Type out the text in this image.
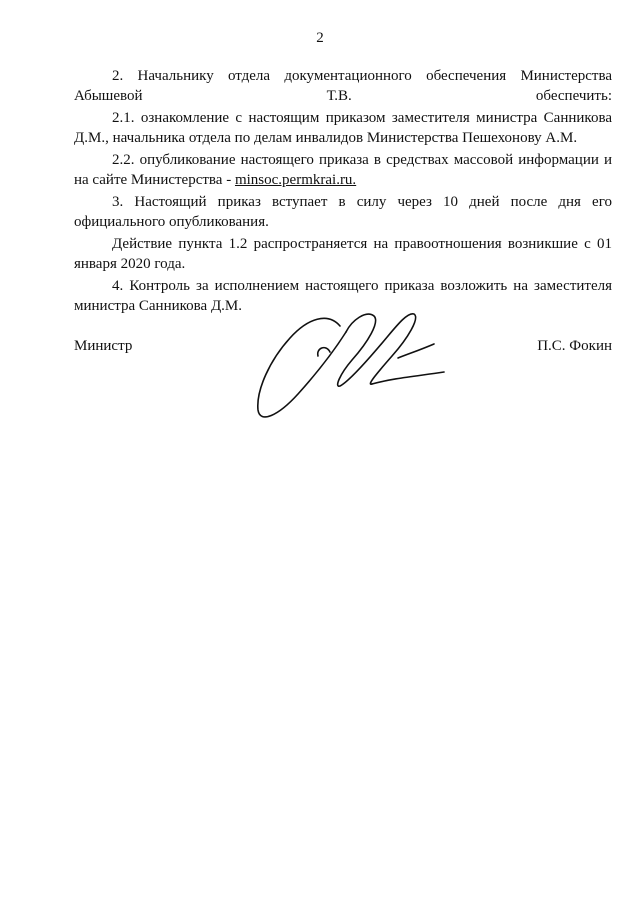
2

2. Начальнику отдела документационного обеспечения Министерства Абышевой Т.В. обеспечить:

2.1. ознакомление с настоящим приказом заместителя министра Санникова Д.М., начальника отдела по делам инвалидов Министерства Пешехонову А.М.

2.2. опубликование настоящего приказа в средствах массовой информации и на сайте Министерства - minsoc.permkrai.ru.

3. Настоящий приказ вступает в силу через 10 дней после дня его официального опубликования.

Действие пункта 1.2 распространяется на правоотношения возникшие с 01 января 2020 года.

4. Контроль за исполнением настоящего приказа возложить на заместителя министра Санникова Д.М.

Министр	П.С. Фокин
